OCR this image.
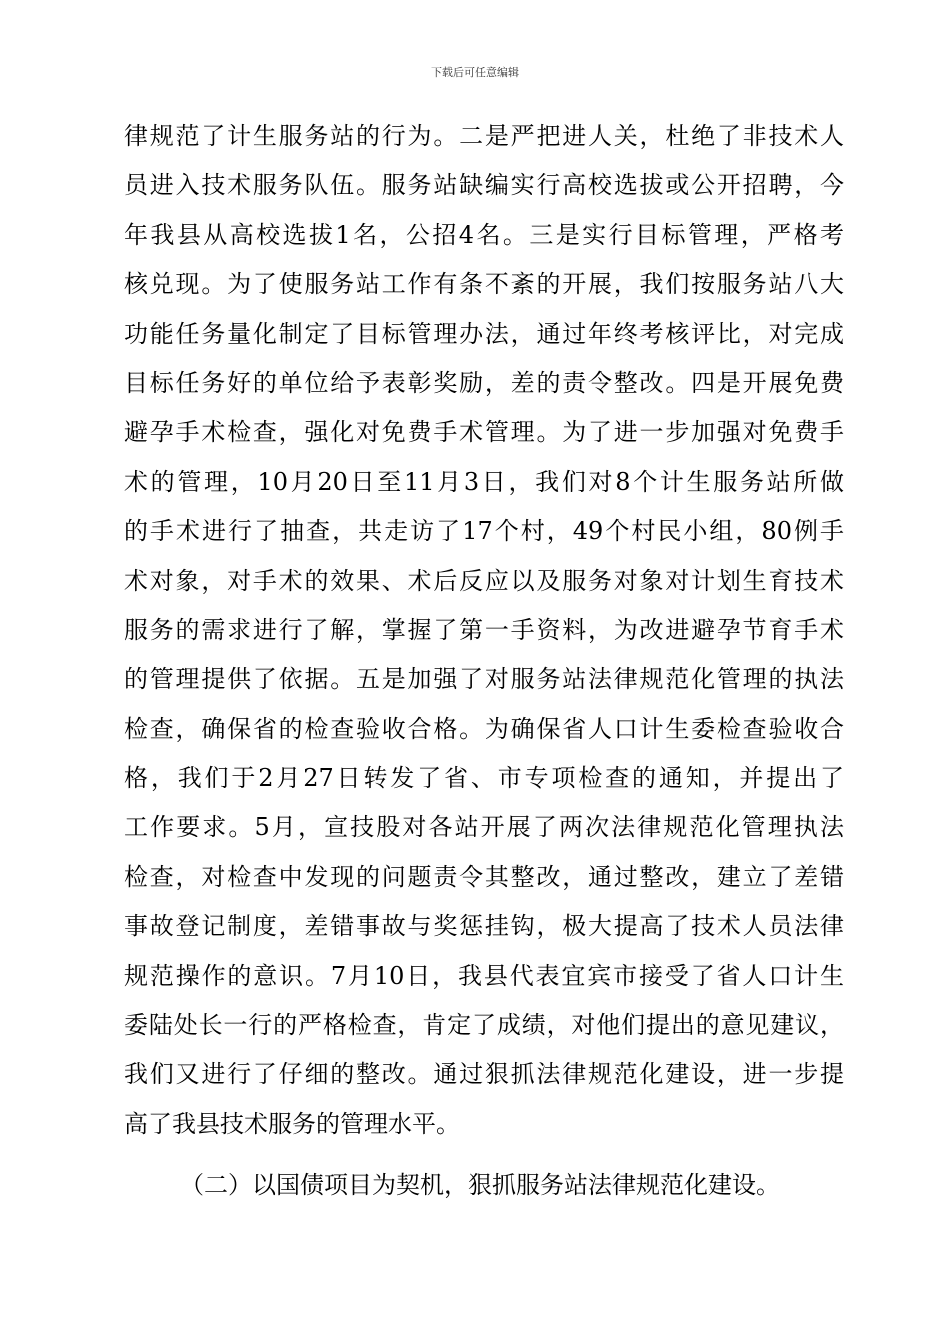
下载后可任意编辑
律规范了计生服务站的行为。二是严把进人关，杜绝了非技术人
员进入技术服务队伍。服务站缺编实行高校选拔或公开招聘，今
年我县从高校选拔1名，公招4名。三是实行目标管理，严格考
核兑现。为了使服务站工作有条不紊的开展，我们按服务站八大
功能任务量化制定了目标管理办法，通过年终考核评比，对完成
目标任务好的单位给予表彰奖励，差的责令整改。四是开展免费
避孕手术检查，强化对免费手术管理。为了进一步加强对免费手
术的管理，10月20日至11月3日，我们对8个计生服务站所做
的手术进行了抽查，共走访了17个村，49个村民小组，80例手
术对象，对手术的效果、术后反应以及服务对象对计划生育技术
服务的需求进行了解，掌握了第一手资料，为改进避孕节育手术
的管理提供了依据。五是加强了对服务站法律规范化管理的执法
检查，确保省的检查验收合格。为确保省人口计生委检查验收合
格，我们于2月27日转发了省、市专项检查的通知，并提出了
工作要求。5月，宣技股对各站开展了两次法律规范化管理执法
检查，对检查中发现的问题责令其整改，通过整改，建立了差错
事故登记制度，差错事故与奖惩挂钩，极大提高了技术人员法律
规范操作的意识。7月10日，我县代表宜宾市接受了省人口计生
委陆处长一行的严格检查，肯定了成绩，对他们提出的意见建议，
我们又进行了仔细的整改。通过狠抓法律规范化建设，进一步提
高了我县技术服务的管理水平。
（二）以国债项目为契机，狠抓服务站法律规范化建设。
